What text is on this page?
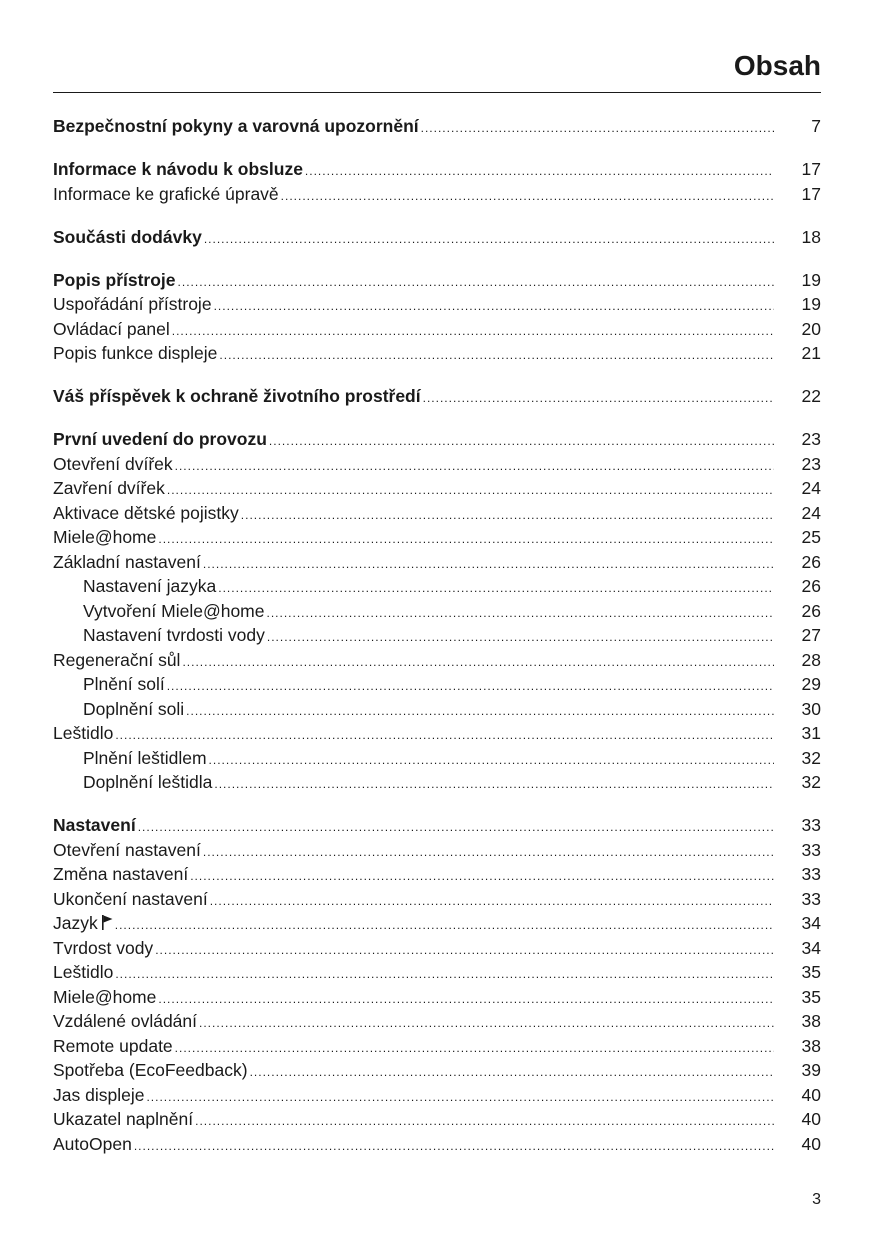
Obsah
Bezpečnostní pokyny a varovná upozornění .....	7
Informace k návodu k obsluze .....	17
Informace ke grafické úpravě .....	17
Součásti dodávky .....	18
Popis přístroje .....	19
Uspořádání přístroje .....	19
Ovládací panel .....	20
Popis funkce displeje .....	21
Váš příspěvek k ochraně životního prostředí .....	22
První uvedení do provozu .....	23
Otevření dvířek .....	23
Zavření dvířek .....	24
Aktivace dětské pojistky .....	24
Miele@home .....	25
Základní nastavení .....	26
Nastavení jazyka .....	26
Vytvoření Miele@home .....	26
Nastavení tvrdosti vody .....	27
Regenerační sůl .....	28
Plnění solí .....	29
Doplnění soli .....	30
Leštidlo .....	31
Plnění leštidlem .....	32
Doplnění leštidla .....	32
Nastavení .....	33
Otevření nastavení .....	33
Změna nastavení .....	33
Ukončení nastavení .....	33
Jazyk .....	34
Tvrdost vody .....	34
Leštidlo .....	35
Miele@home .....	35
Vzdálené ovládání .....	38
Remote update .....	38
Spotřeba (EcoFeedback) .....	39
Jas displeje .....	40
Ukazatel naplnění .....	40
AutoOpen .....	40
3
